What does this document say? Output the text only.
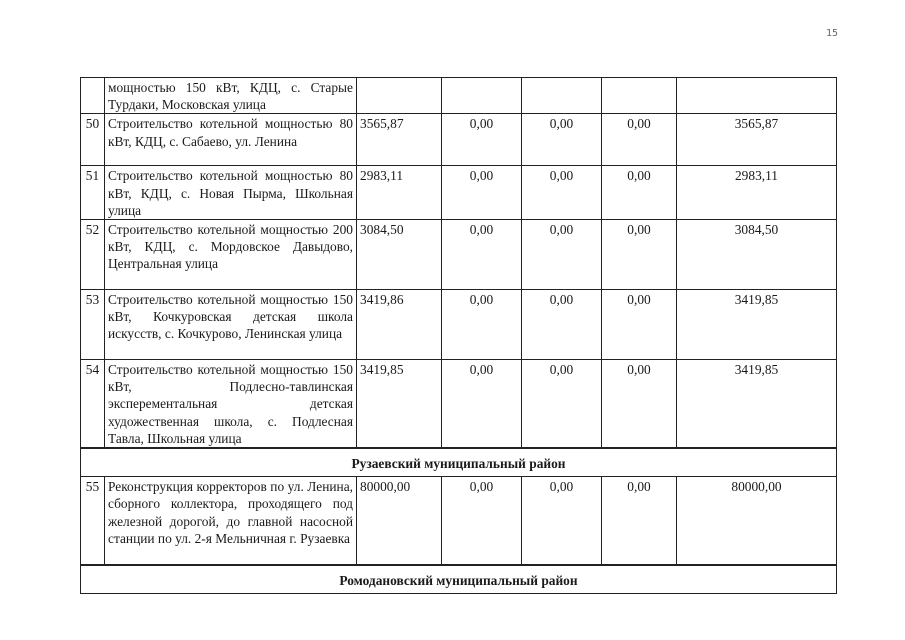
15
	мощностью 150 кВт, КДЦ, с. Старые Турдаки, Московская улица					
50	Строительство котельной мощностью 80 кВт, КДЦ, с. Сабаево, ул. Ленина	3565,87	0,00	0,00	0,00	3565,87
51	Строительство котельной мощностью 80 кВт, КДЦ, с. Новая Пырма, Школьная улица	2983,11	0,00	0,00	0,00	2983,11
52	Строительство котельной мощностью 200 кВт, КДЦ, с. Мордовское Давыдово, Центральная улица	3084,50	0,00	0,00	0,00	3084,50
53	Строительство котельной мощностью 150 кВт, Кочкуровская детская школа искусств, с. Кочкурово, Ленинская улица	3419,86	0,00	0,00	0,00	3419,85
54	Строительство котельной мощностью 150 кВт, Подлесно-тавлинская эксперементальная детская художественная школа, с. Подлесная Тавла, Школьная улица	3419,85	0,00	0,00	0,00	3419,85
Рузаевский муниципальный район						
55	Реконструкция корректоров по ул. Ленина, сборного коллектора, проходящего под железной дорогой, до главной насосной станции по ул. 2-я Мельничная г. Рузаевка	80000,00	0,00	0,00	0,00	80000,00
Ромодановский муниципальный район						
